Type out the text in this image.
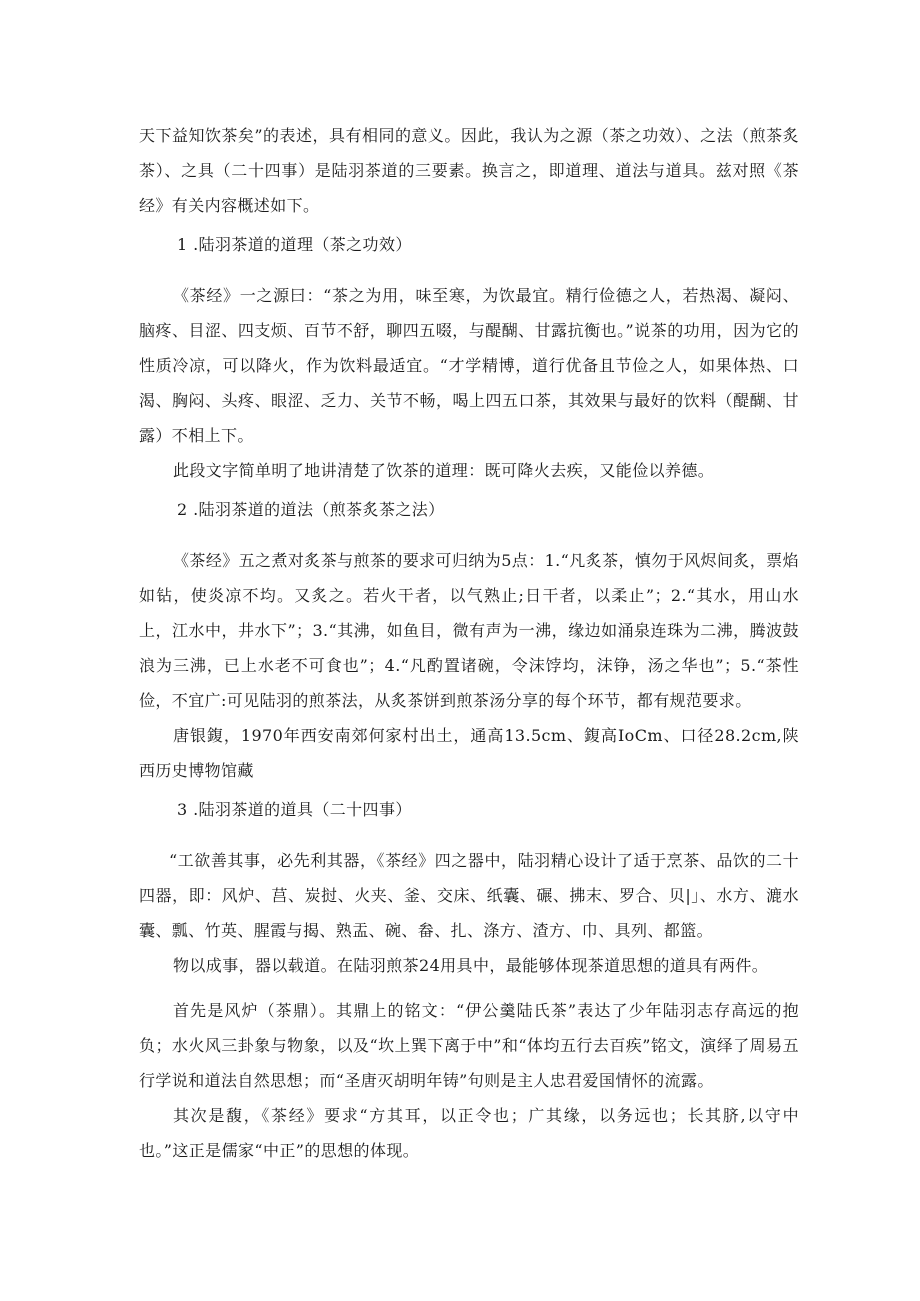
天下益知饮茶矣”的表述，具有相同的意义。因此，我认为之源（茶之功效）、之法（煎茶炙茶）、之具（二十四事）是陆羽茶道的三要素。换言之，即道理、道法与道具。兹对照《茶经》有关内容概述如下。

1 .陆羽茶道的道理（茶之功效）

《茶经》一之源曰：“茶之为用，味至寒，为饮最宜。精行俭德之人，若热渴、凝闷、脑疼、目涩、四支烦、百节不舒，聊四五啜，与醍醐、甘露抗衡也。”说茶的功用，因为它的性质冷凉，可以降火，作为饮料最适宜。“才学精博，道行优备且节俭之人，如果体热、口渴、胸闷、头疼、眼涩、乏力、关节不畅，喝上四五口茶，其效果与最好的饮料（醍醐、甘露）不相上下。

此段文字简单明了地讲清楚了饮茶的道理：既可降火去疾，又能俭以养德。

2 .陆羽茶道的道法（煎茶炙茶之法）

《茶经》五之煮对炙茶与煎茶的要求可归纳为5点：1.“凡炙茶，慎勿于风烬间炙，票焰如钻，使炎凉不均。又炙之。若火干者，以气熟止;日干者，以柔止”；2.“其水，用山水上，江水中，井水下”；3.“其沸，如鱼目，微有声为一沸，缘边如涌泉连珠为二沸，腾波鼓浪为三沸，已上水老不可食也”；4.“凡酌置诸碗，令沫饽均，沫铮，汤之华也”；5.“茶性俭，不宜广:可见陆羽的煎茶法，从炙茶饼到煎茶汤分享的每个环节，都有规范要求。

唐银鍑，1970年西安南郊何家村出土，通高13.5cm、鍑高IoCm、口径28.2cm,陕西历史博物馆藏

3 .陆羽茶道的道具（二十四事）

“工欲善其事，必先利其器，《茶经》四之器中，陆羽精心设计了适于烹茶、品饮的二十四器，即：风炉、莒、炭挝、火夹、釜、交床、纸囊、碾、拂末、罗合、贝|」、水方、漉水囊、瓢、竹英、腥霞与揭、熟盂、碗、畚、扎、涤方、渣方、巾、具列、都篮。

物以成事，器以载道。在陆羽煎茶24用具中，最能够体现茶道思想的道具有两件。

首先是风炉（茶鼎）。其鼎上的铭文：“伊公羹陆氏茶”表达了少年陆羽志存高远的抱负；水火风三卦象与物象，以及“坎上巽下离于中”和“体均五行去百疾”铭文，演绎了周易五行学说和道法自然思想；而“圣唐灭胡明年铸”句则是主人忠君爱国情怀的流露。

其次是馥，《茶经》要求“方其耳，以正令也；广其缘，以务远也；长其脐,以守中也。”这正是儒家“中正”的思想的体现。
